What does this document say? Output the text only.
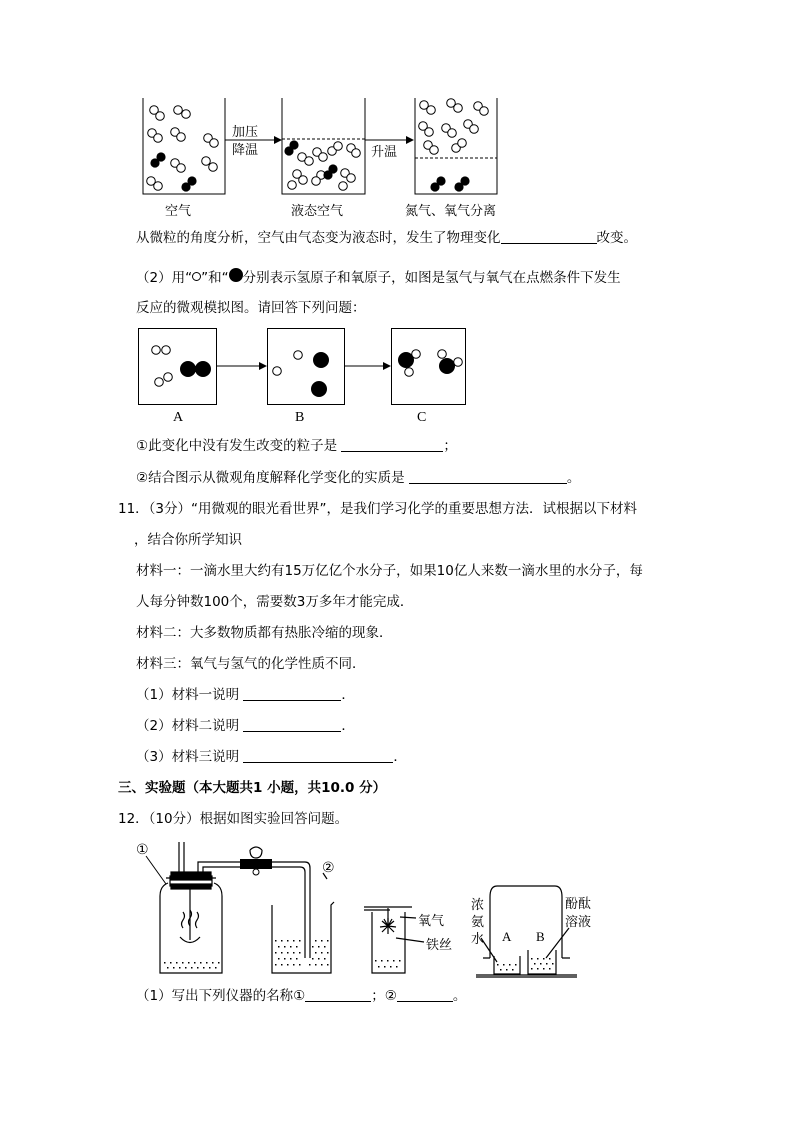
空气
加压
降温
液态空气
升温
氮气、氧气分离
从微粒的角度分析，空气由气态变为液态时，发生了物理变化	改变。
（2）用“ ”和“ 分别表示氢原子和氧原子，如图是氢气与氧气在点燃条件下发生
反应的微观模拟图。请回答下列问题：
A	B	C
①此变化中没有发生改变的粒子是	；
②结合图示从微观角度解释化学变化的实质是	。
11．（3分）“用微观的眼光看世界”，是我们学习化学的重要思想方法．试根据以下材料
，结合你所学知识
材料一：一滴水里大约有15万亿亿个水分子，如果10亿人来数一滴水里的水分子，每
人每分钟数100个，需要数3万多年才能完成．
材料二：大多数物质都有热胀冷缩的现象．
材料三：氧气与氢气的化学性质不同．
（1）材料一说明	．
（2）材料二说明	．
（3）材料三说明	．
三、实验题（本大题共1 小题，共10.0 分）
12．（10分）根据如图实验回答问题。
①
②
氧气
铁丝
浓
氨
水 A B
酚酞
溶液
（1）写出下列仪器的名称①	；②	。
